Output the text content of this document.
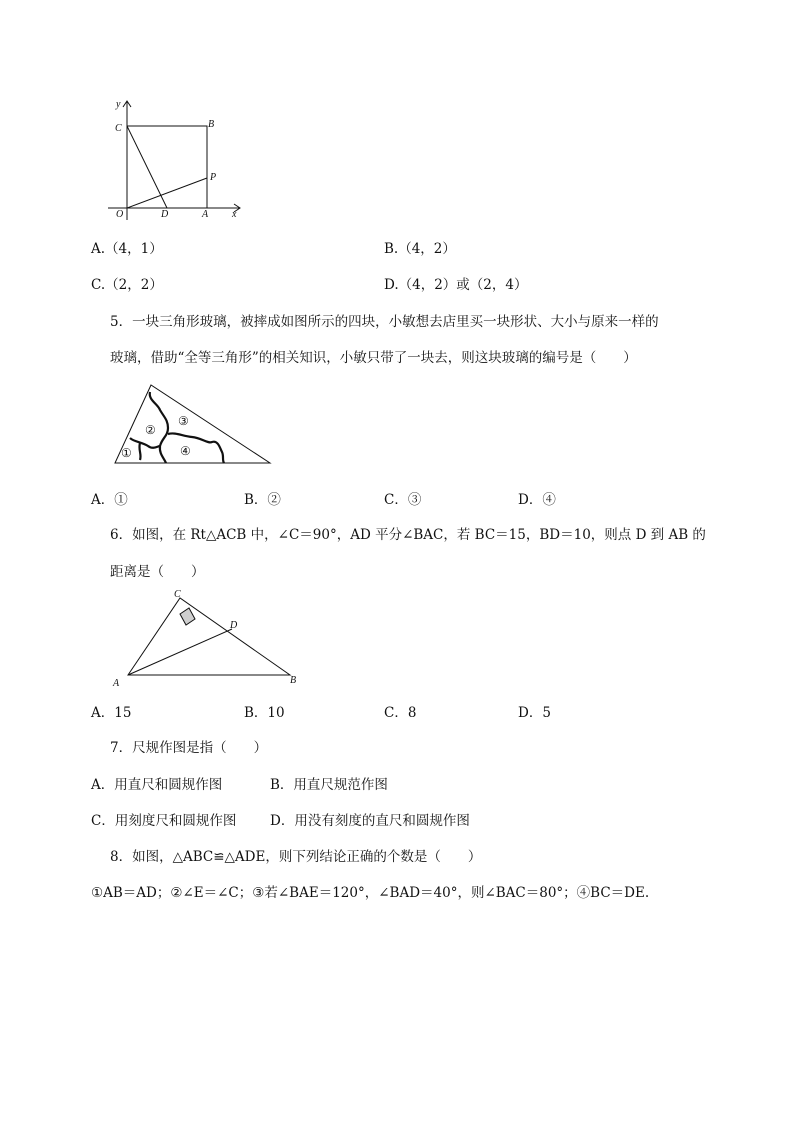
y
x
C	B
P
O	D	A
A.（4，1）	B.（4，2）
C.（2，2）	D.（4，2）或（2，4）
5．一块三角形玻璃，被摔成如图所示的四块，小敏想去店里买一块形状、大小与原来一样的
玻璃，借助“全等三角形”的相关知识，小敏只带了一块去，则这块玻璃的编号是（　　）
①
②
③
④
A．①	B．②	C．③	D．④
6．如图，在 Rt△ACB 中，∠C＝90°，AD 平分∠BAC，若 BC＝15，BD＝10，则点 D 到 AB 的
距离是（　　）
C
D
A	B
A．15	B．10	C．8	D．5
7．尺规作图是指（　　）
A．用直尺和圆规作图	B．用直尺规范作图
C．用刻度尺和圆规作图 D．用没有刻度的直尺和圆规作图
8．如图，△ABC≌△ADE，则下列结论正确的个数是（　　）
①AB＝AD；②∠E＝∠C；③若∠BAE＝120°，∠BAD＝40°，则∠BAC＝80°；④BC＝DE.
